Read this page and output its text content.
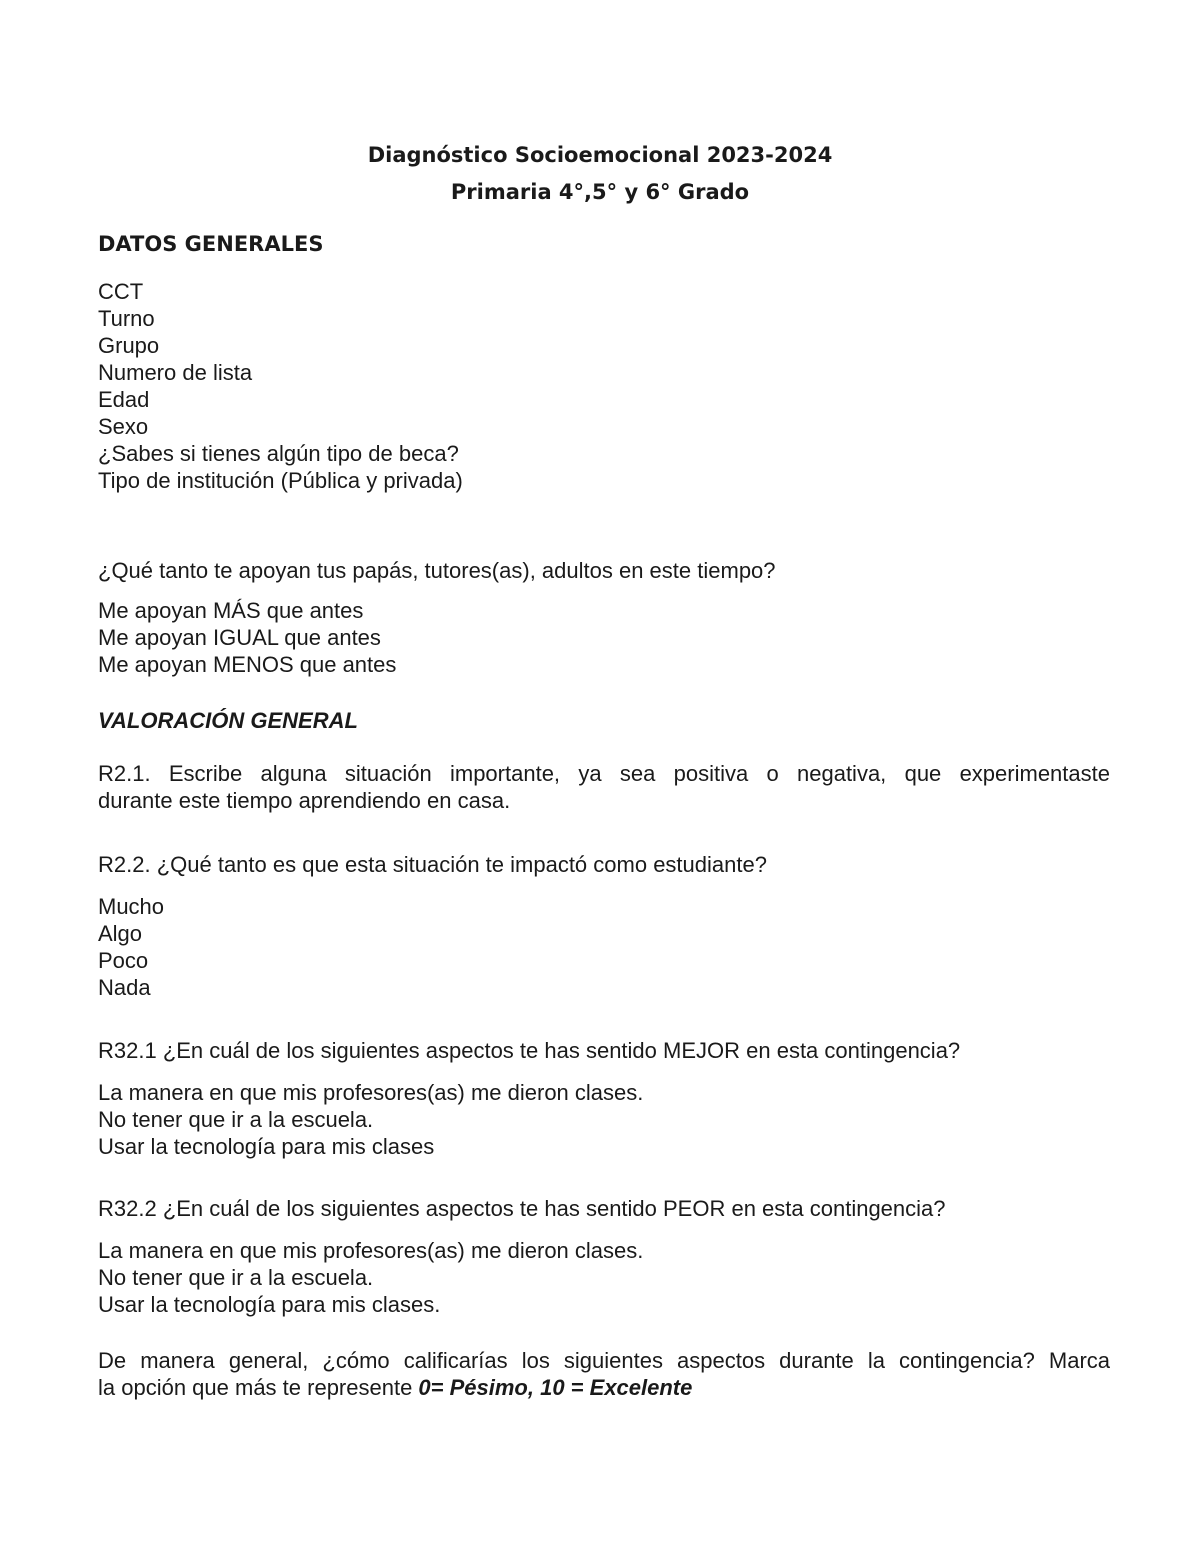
Diagnóstico Socioemocional 2023-2024
Primaria 4°,5° y 6° Grado
DATOS GENERALES
CCT
Turno
Grupo
Numero de lista
Edad
Sexo
¿Sabes si tienes algún tipo de beca?
Tipo de institución (Pública y privada)
¿Qué tanto te apoyan tus papás, tutores(as), adultos en este tiempo?
Me apoyan MÁS que antes
Me apoyan IGUAL que antes
Me apoyan MENOS que antes
VALORACIÓN GENERAL
R2.1. Escribe alguna situación importante, ya sea positiva o negativa, que experimentaste
durante este tiempo aprendiendo en casa.
R2.2. ¿Qué tanto es que esta situación te impactó como estudiante?
Mucho
Algo
Poco
Nada
R32.1 ¿En cuál de los siguientes aspectos te has sentido MEJOR en esta contingencia?
La manera en que mis profesores(as) me dieron clases.
No tener que ir a la escuela.
Usar la tecnología para mis clases
R32.2 ¿En cuál de los siguientes aspectos te has sentido PEOR en esta contingencia?
La manera en que mis profesores(as) me dieron clases.
No tener que ir a la escuela.
Usar la tecnología para mis clases.
De manera general, ¿cómo calificarías los siguientes aspectos durante la contingencia? Marca
la opción que más te represente 0= Pésimo, 10 = Excelente
